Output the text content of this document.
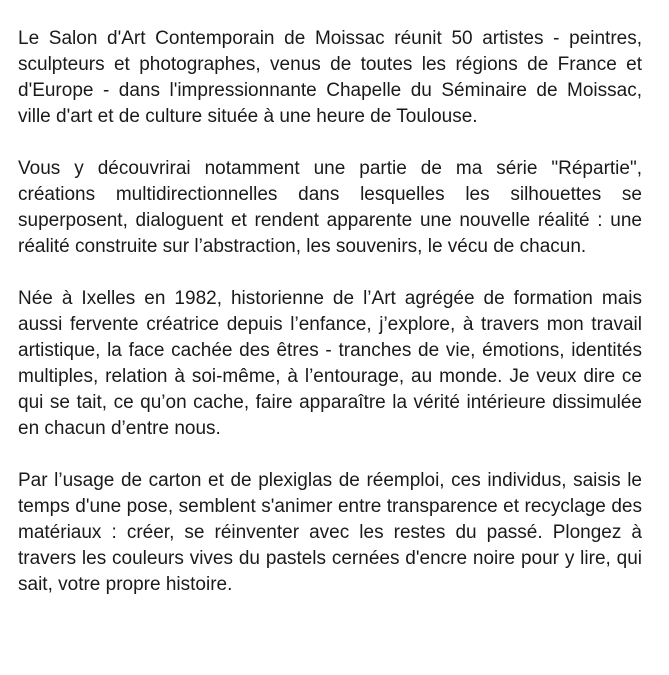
Le Salon d'Art Contemporain de Moissac réunit 50 artistes - peintres, sculpteurs et photographes, venus de toutes les régions de France et d'Europe - dans l'impressionnante Chapelle du Séminaire de Moissac, ville d'art et de culture située à une heure de Toulouse.

Vous y découvrirai notamment une partie de ma série "Répartie", créations multidirectionnelles dans lesquelles les silhouettes se superposent, dialoguent et rendent apparente une nouvelle réalité : une réalité construite sur l’abstraction, les souvenirs, le vécu de chacun.

Née à Ixelles en 1982, historienne de l’Art agrégée de formation mais aussi fervente créatrice depuis l’enfance, j’explore, à travers mon travail artistique, la face cachée des êtres - tranches de vie, émotions, identités multiples, relation à soi-même, à l’entourage, au monde. Je veux dire ce qui se tait, ce qu’on cache, faire apparaître la vérité intérieure dissimulée en chacun d’entre nous.

Par l’usage de carton et de plexiglas de réemploi, ces individus, saisis le temps d'une pose, semblent s'animer entre transparence et recyclage des matériaux : créer, se réinventer avec les restes du passé. Plongez à travers les couleurs vives du pastels cernées d'encre noire pour y lire, qui sait, votre propre histoire.
